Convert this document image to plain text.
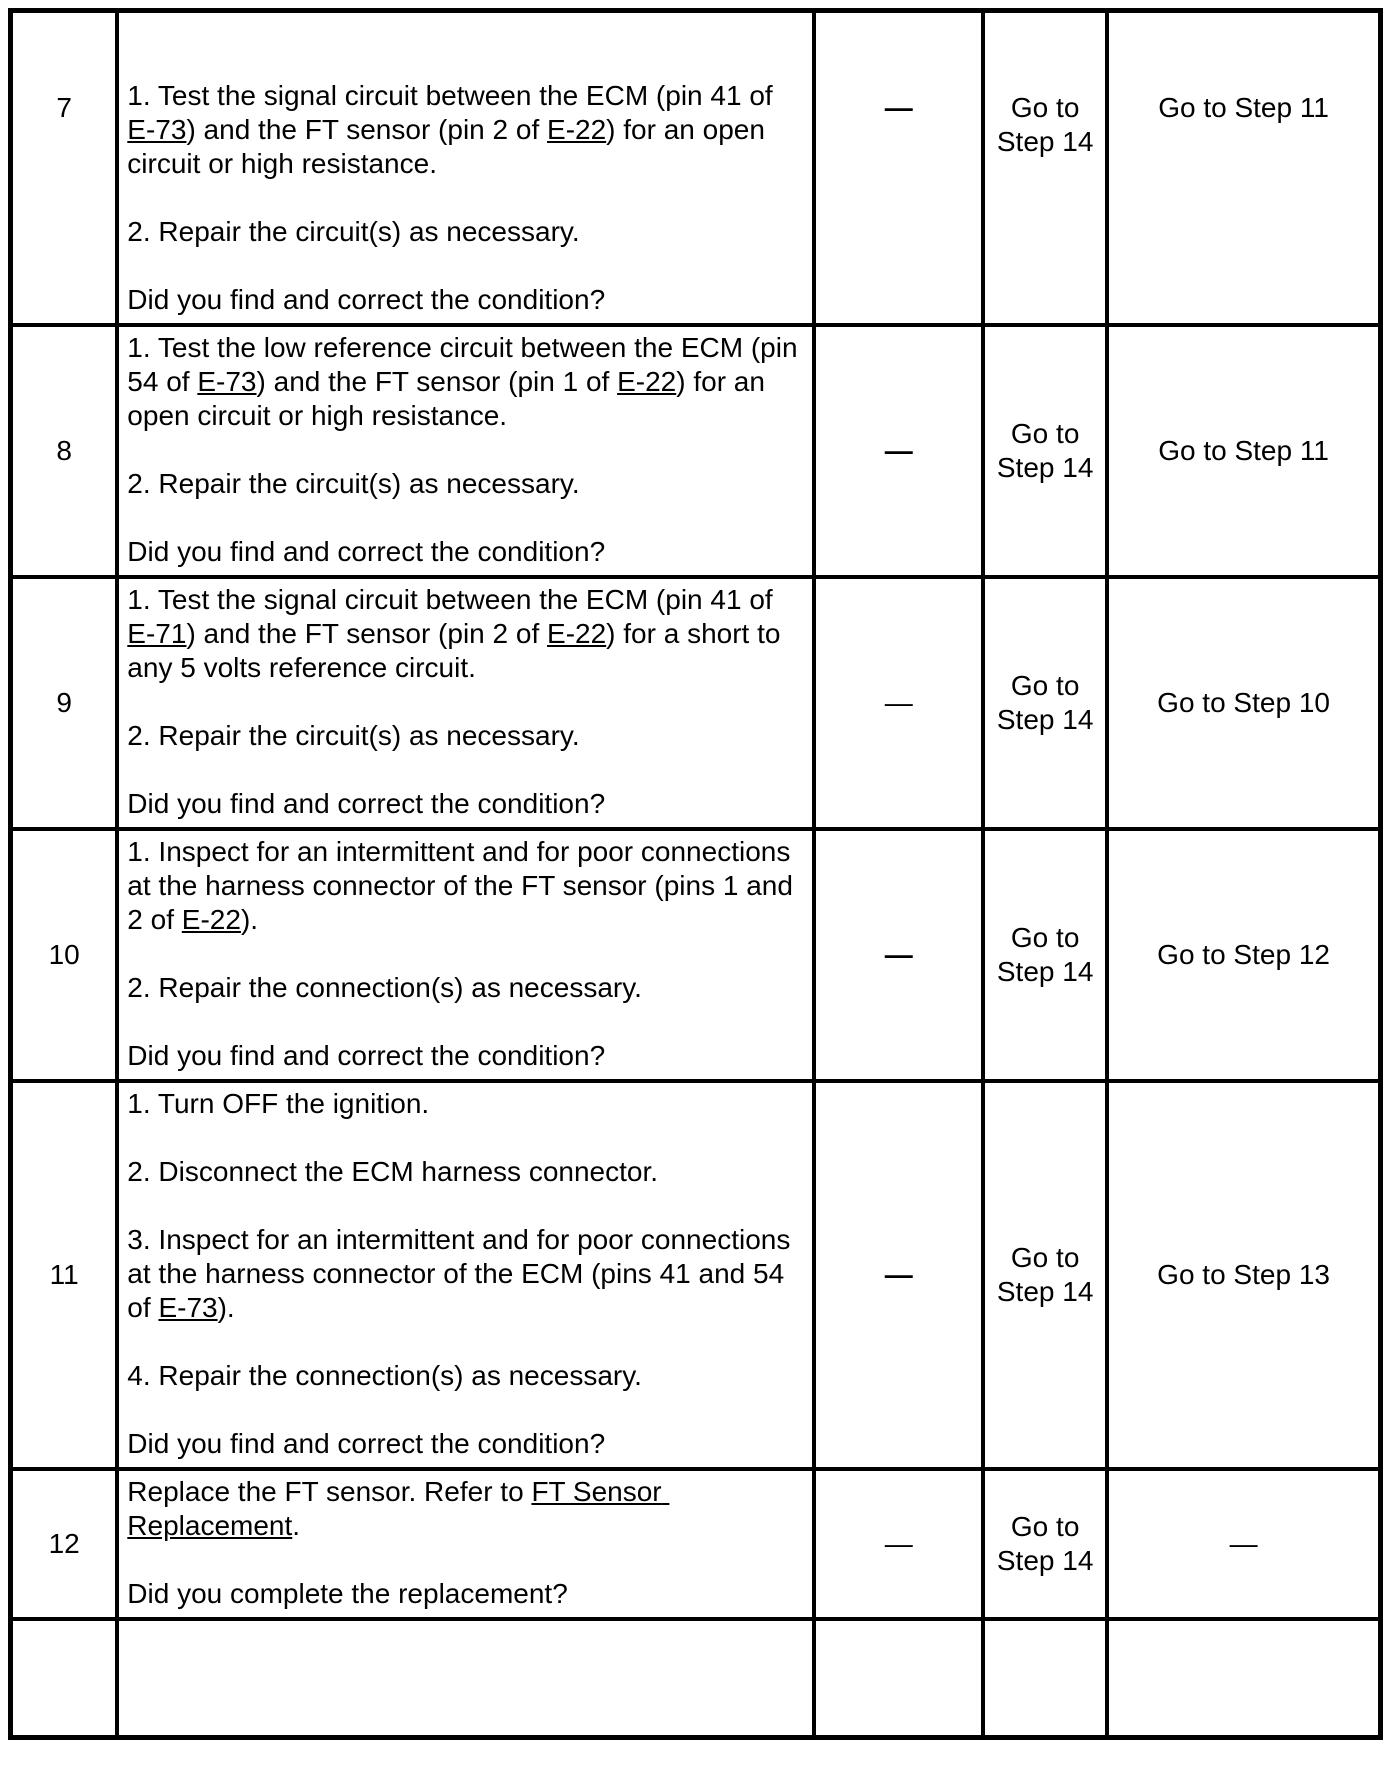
7	1. Test the signal circuit between the ECM (pin 41 of E-73) and the FT sensor (pin 2 of E-22) for an open circuit or high resistance.
2. Repair the circuit(s) as necessary.
Did you find and correct the condition?	—	Go to Step 14	Go to Step 11
8	1. Test the low reference circuit between the ECM (pin 54 of E-73) and the FT sensor (pin 1 of E-22) for an open circuit or high resistance.
2. Repair the circuit(s) as necessary.
Did you find and correct the condition?	—	Go to Step 14	Go to Step 11
9	1. Test the signal circuit between the ECM (pin 41 of E-71) and the FT sensor (pin 2 of E-22) for a short to any 5 volts reference circuit.
2. Repair the circuit(s) as necessary.
Did you find and correct the condition?	—	Go to Step 14	Go to Step 10
10	1. Inspect for an intermittent and for poor connections at the harness connector of the FT sensor (pins 1 and 2 of E-22).
2. Repair the connection(s) as necessary.
Did you find and correct the condition?	—	Go to Step 14	Go to Step 12
11	1. Turn OFF the ignition.
2. Disconnect the ECM harness connector.
3. Inspect for an intermittent and for poor connections at the harness connector of the ECM (pins 41 and 54 of E-73).
4. Repair the connection(s) as necessary.
Did you find and correct the condition?	—	Go to Step 14	Go to Step 13
12	Replace the FT sensor. Refer to FT Sensor Replacement.
Did you complete the replacement?	—	Go to Step 14	—
